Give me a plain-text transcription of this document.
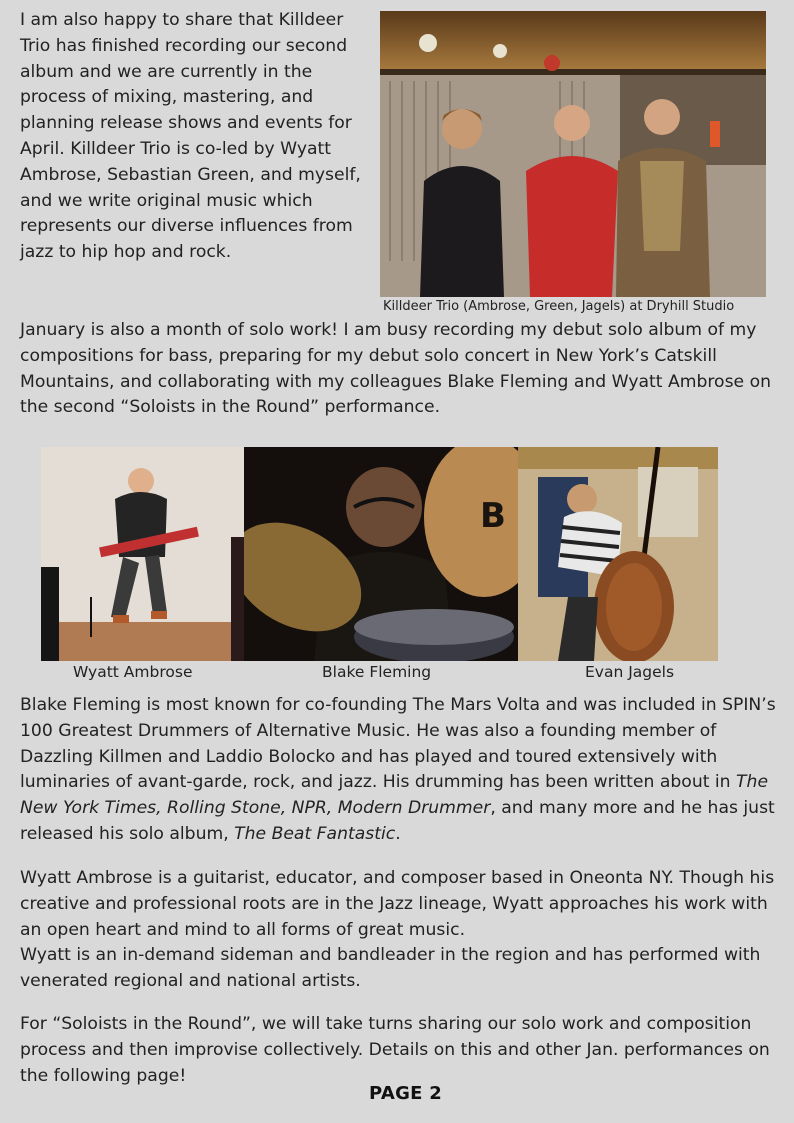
I am also happy to share that Killdeer Trio has finished recording our second album and we are currently in the process of mixing, mastering, and planning release shows and events for April. Killdeer Trio is co-led by Wyatt Ambrose, Sebastian Green, and myself, and we write original music which represents our diverse influences from jazz to hip hop and rock.

Killdeer Trio (Ambrose, Green, Jagels) at Dryhill Studio

January is also a month of solo work! I am busy recording my debut solo album of my compositions for bass, preparing for my debut solo concert in New York’s Catskill Mountains, and collaborating with my colleagues Blake Fleming and Wyatt Ambrose on the second “Soloists in the Round” performance.

B
Wyatt Ambrose	Blake Fleming	Evan Jagels

Blake Fleming is most known for co-founding The Mars Volta and was included in SPIN’s 100 Greatest Drummers of Alternative Music. He was also a founding member of Dazzling Killmen and Laddio Bolocko and has played and toured extensively with luminaries of avant-garde, rock, and jazz. His drumming has been written about in The New York Times, Rolling Stone, NPR, Modern Drummer, and many more and he has just released his solo album, The Beat Fantastic.

Wyatt Ambrose is a guitarist, educator, and composer based in Oneonta NY. Though his creative and professional roots are in the Jazz lineage, Wyatt approaches his work with an open heart and mind to all forms of great music.
Wyatt is an in-demand sideman and bandleader in the region and has performed with venerated regional and national artists.

For “Soloists in the Round”, we will take turns sharing our solo work and composition process and then improvise collectively. Details on this and other Jan. performances on the following page!

PAGE 2
